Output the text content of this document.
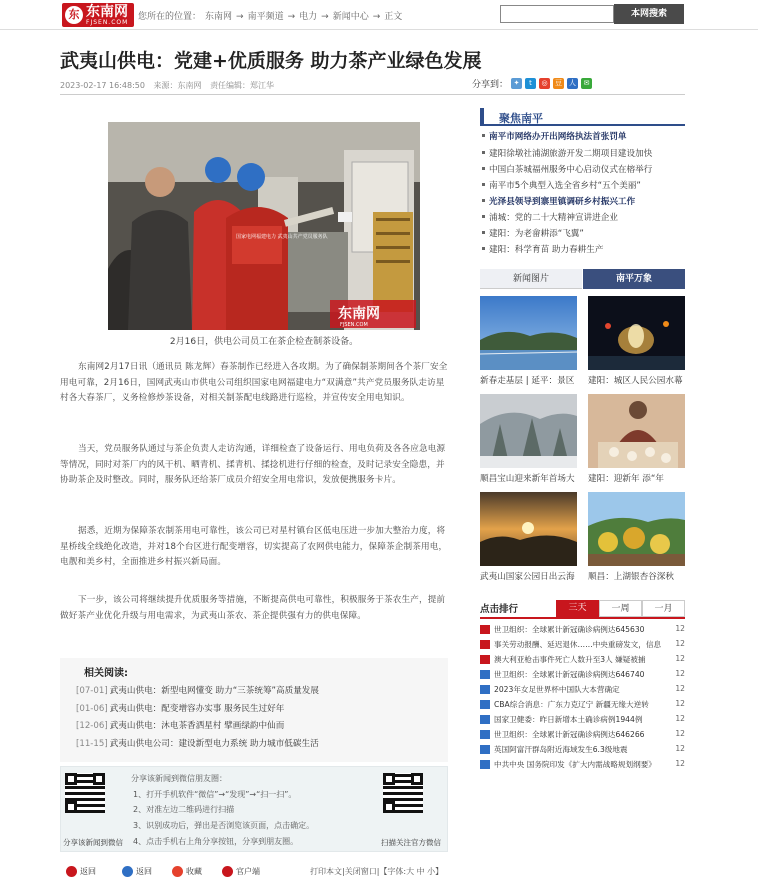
东 东南网
FJSEN.COM
您所在的位置： 东南网 → 南平频道 → 电力 → 新闻中心 → 正文	本网搜索
武夷山供电：党建+优质服务 助力茶产业绿色发展
2023-02-17 16:48:50 来源：东南网 责任编辑：郑江华	分享到： ✦	t	◎	豆 人	✉
国家电网福建电力 武夷山共产党员服务队
东南网
FJSEN.COM
2月16日，供电公司员工在茶企检查制茶设备。

东南网2月17日讯（通讯员 陈龙辉）春茶制作已经进入各攻期。为了确保制茶期间各个茶厂安全用电可靠，2月16日，国网武夷山市供电公司组织国家电网福建电力“双满意”共产党员服务队走访星村各大春茶厂，义务检修炒茶设备，对相关制茶配电线路进行巡检，并宣传安全用电知识。

当天，党员服务队通过与茶企负责人走访沟通，详细检查了设备运行、用电负荷及各各应急电源等情况，同时对茶厂内的风干机、晒青机、揉青机、揉捻机进行仔细的检查，及时记录安全隐患，并协助茶企及时整改。同时，服务队还给茶厂成员介绍安全用电常识，发放便携服务卡片。

据悉，近期为保障茶农制茶用电可靠性，该公司已对星村镇台区低电压进一步加大整治力度，将星桥线全线绝化改造，并对18个台区进行配变增容，切实提高了农网供电能力，保障茶企制茶用电，电靓和美乡村，全面推进乡村振兴新局面。

下一步，该公司将继续提升优质服务等措施，不断提高供电可靠性，积极服务于茶农生产，提前做好茶产业优化升级与用电需求，为武夷山茶农、茶企提供强有力的供电保障。

相关阅读:
[07-01] 武夷山供电：新型电网懂变 助力“三茶统筹”高质量发展
[01-06] 武夷山供电：配变增容办实事 服务民生过好年
[12-06] 武夷山供电：沐电茶香洒星村 擘画绿韵中仙而
[11-15] 武夷山供电公司：建设新型电力系统 助力城市低碳生活
分享该新闻到微信
分享该新闻到微信朋友圈：
1、打开手机软件“微信”→“发现”→“扫一扫”。
2、对准左边二维码进行扫描
3、识别成功后，弹出是否浏览该页面，点击确定。
4、点击手机右上角分享按钮，分享到朋友圈。	扫描关注官方微信
返回	返回	收藏	官户端	打印本文|关闭窗口|【字体:大 中 小】
聚焦南平
南平市网络办开出网络执法首张罚单
建阳徐墩社浦湖旅游开发二期项目建设加快
中国白茶城福州服务中心启动仪式在榕举行
南平市5个典型入选全省乡村“五个美丽”
光泽县领导到寨里镇调研乡村振兴工作
浦城：党的二十大精神宣讲进企业
建阳：为老畲耕添“飞翼”
建阳：科学育苗 助力春耕生产
新闻图片	南平万象
新春走基层 | 延平：景区	建阳：城区人民公园水幕
顺昌宝山迎来新年首场大 建阳：迎新年 添“年
武夷山国家公园日出云海 顺昌：上湖银杏谷深秋
点击排行	三天	一周	一月
世卫组织：全球累计新冠确诊病例达645630	12
事关劳动报酬、延迟退休……中央重磅发文，信息 12
澳大利亚枪击事件死亡人数升至3人 嫌疑被捕	12
世卫组织：全球累计新冠确诊病例达646740	12
2023年女足世界杯中国队大本营确定	12
CBA综合消息：广东力克辽宁 新疆无缘大逆转	12
国家卫健委：昨日新增本土确诊病例1944例	12
世卫组织：全球累计新冠确诊病例达646266	12
英国阿富汗群岛附近海域发生6.3级地震	12
中共中央 国务院印发《扩大内需战略规划纲要》	12
